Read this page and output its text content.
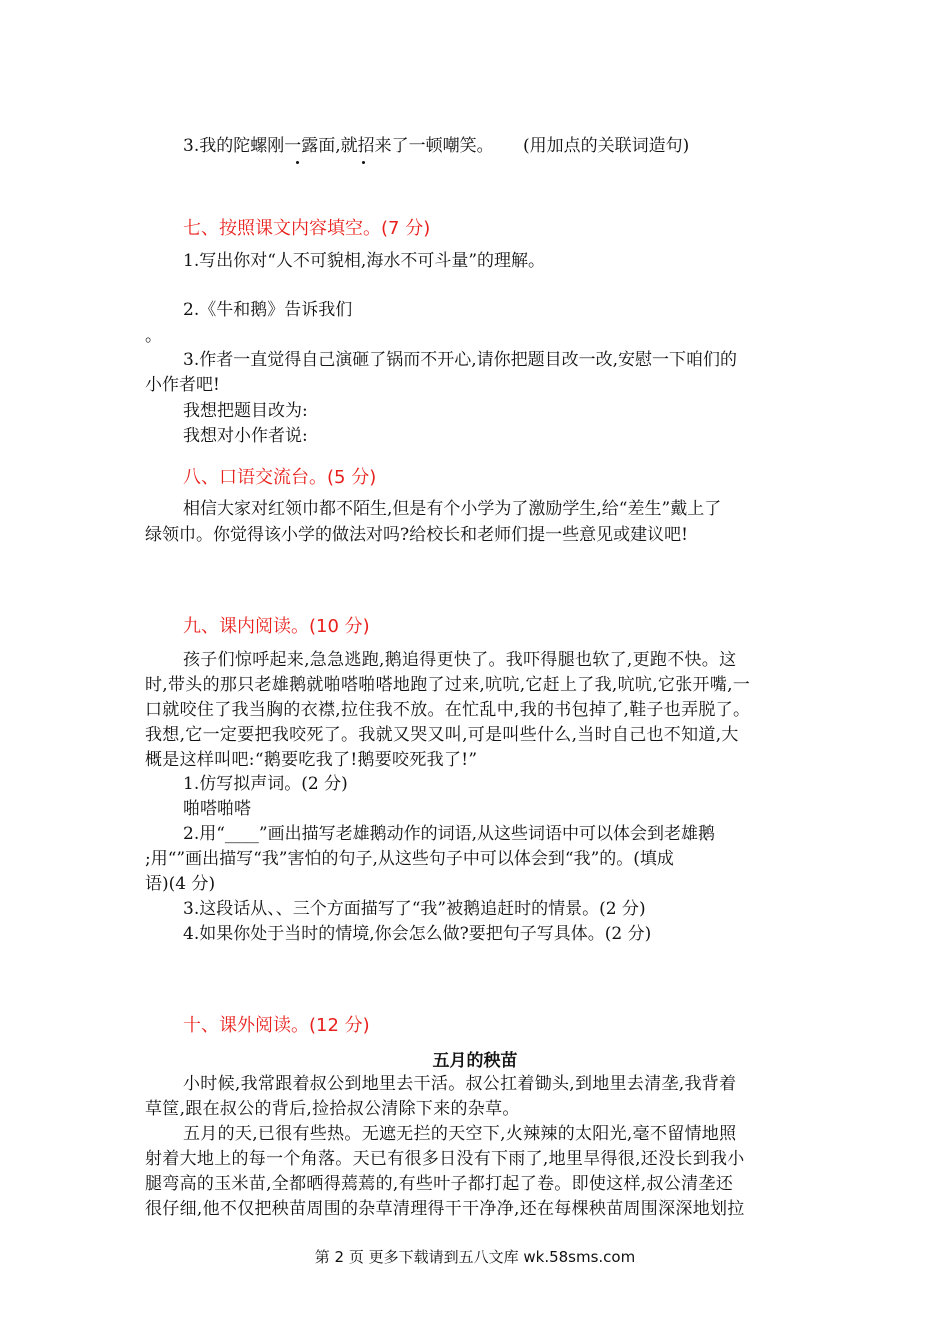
3.我的陀螺刚一露面,就招来了一顿嘲笑。 (用加点的关联词造句)
七、按照课文内容填空。(7 分)
1.写出你对“人不可貌相,海水不可斗量”的理解。
2.《牛和鹅》告诉我们
。
3.作者一直觉得自己演砸了锅而不开心,请你把题目改一改,安慰一下咱们的
小作者吧!
我想把题目改为:
我想对小作者说:
八、口语交流台。(5 分)
相信大家对红领巾都不陌生,但是有个小学为了激励学生,给“差生”戴上了
绿领巾。你觉得该小学的做法对吗?给校长和老师们提一些意见或建议吧!
九、课内阅读。(10 分)
孩子们惊呼起来,急急逃跑,鹅追得更快了。我吓得腿也软了,更跑不快。这
时,带头的那只老雄鹅就啪嗒啪嗒地跑了过来,吭吭,它赶上了我,吭吭,它张开嘴,一
口就咬住了我当胸的衣襟,拉住我不放。在忙乱中,我的书包掉了,鞋子也弄脱了。
我想,它一定要把我咬死了。我就又哭又叫,可是叫些什么,当时自己也不知道,大
概是这样叫吧:“鹅要吃我了!鹅要咬死我了!”
1.仿写拟声词。(2 分)
啪嗒啪嗒
2.用“____”画出描写老雄鹅动作的词语,从这些词语中可以体会到老雄鹅
;用“”画出描写“我”害怕的句子,从这些句子中可以体会到“我”的。(填成
语)(4 分)
3.这段话从、、三个方面描写了“我”被鹅追赶时的情景。(2 分)
4.如果你处于当时的情境,你会怎么做?要把句子写具体。(2 分)
十、课外阅读。(12 分)
五月的秧苗
小时候,我常跟着叔公到地里去干活。叔公扛着锄头,到地里去清垄,我背着
草筐,跟在叔公的背后,捡拾叔公清除下来的杂草。
五月的天,已很有些热。无遮无拦的天空下,火辣辣的太阳光,毫不留情地照
射着大地上的每一个角落。天已有很多日没有下雨了,地里旱得很,还没长到我小
腿弯高的玉米苗,全都晒得蔫蔫的,有些叶子都打起了卷。即使这样,叔公清垄还
很仔细,他不仅把秧苗周围的杂草清理得干干净净,还在每棵秧苗周围深深地划拉
第 2 页 更多下载请到五八文库 wk.58sms.com
